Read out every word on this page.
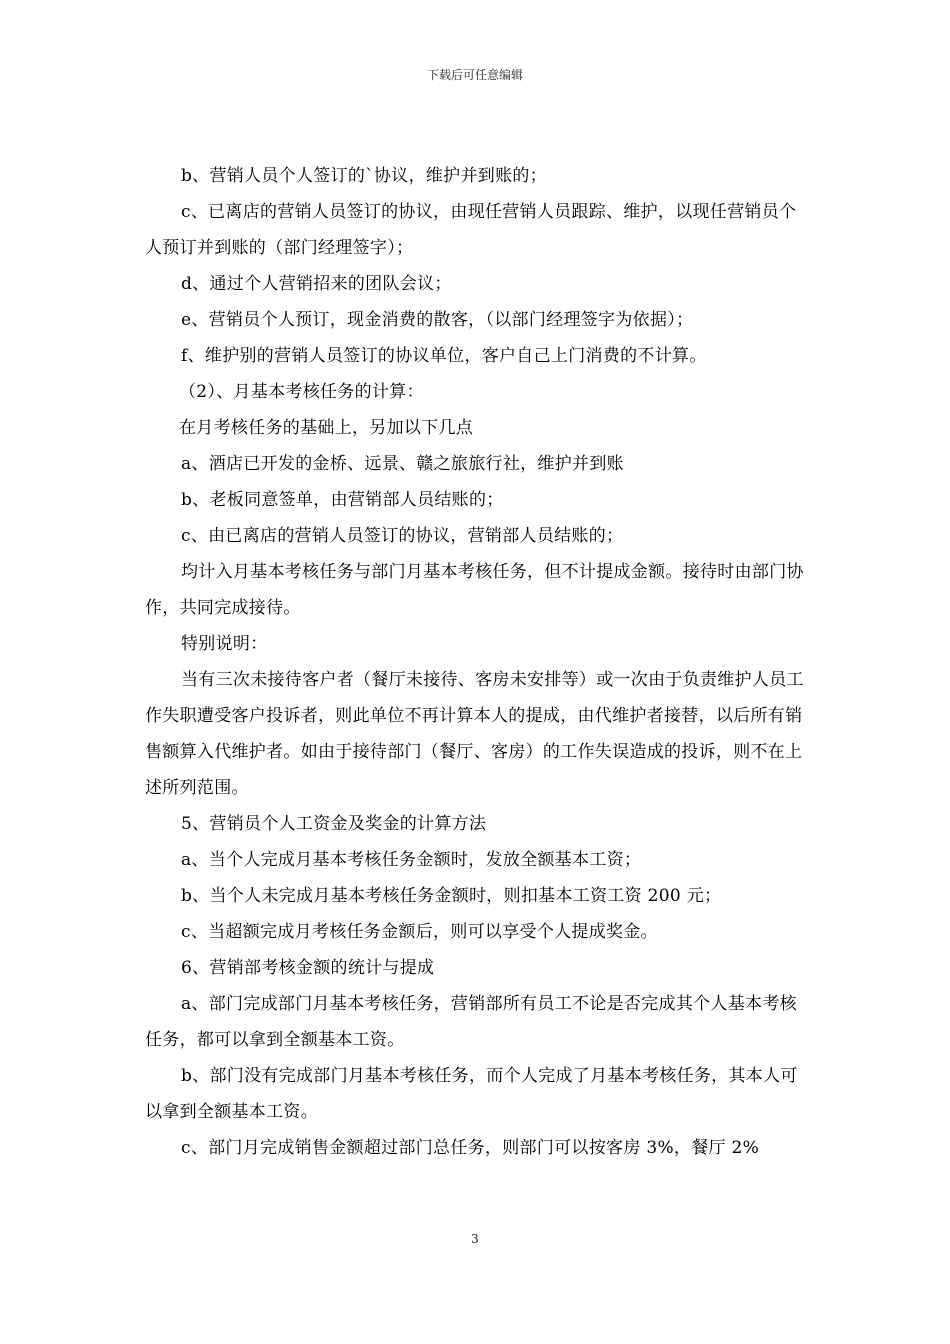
下载后可任意编辑

b、营销人员个人签订的`协议，维护并到账的；

c、已离店的营销人员签订的协议，由现任营销人员跟踪、维护，以现任营销员个人预订并到账的（部门经理签字）；

d、通过个人营销招来的团队会议；

e、营销员个人预订，现金消费的散客，（以部门经理签字为依据）；

f、维护别的营销人员签订的协议单位，客户自己上门消费的不计算。

（2）、月基本考核任务的计算：

在月考核任务的基础上，另加以下几点

a、酒店已开发的金桥、远景、赣之旅旅行社，维护并到账

b、老板同意签单，由营销部人员结账的；

c、由已离店的营销人员签订的协议，营销部人员结账的；

均计入月基本考核任务与部门月基本考核任务，但不计提成金额。接待时由部门协作，共同完成接待。

特别说明：

当有三次未接待客户者（餐厅未接待、客房未安排等）或一次由于负责维护人员工作失职遭受客户投诉者，则此单位不再计算本人的提成，由代维护者接替，以后所有销售额算入代维护者。如由于接待部门（餐厅、客房）的工作失误造成的投诉，则不在上述所列范围。

5、营销员个人工资金及奖金的计算方法

a、当个人完成月基本考核任务金额时，发放全额基本工资；

b、当个人未完成月基本考核任务金额时，则扣基本工资工资 200 元；

c、当超额完成月考核任务金额后，则可以享受个人提成奖金。

6、营销部考核金额的统计与提成

a、部门完成部门月基本考核任务，营销部所有员工不论是否完成其个人基本考核任务，都可以拿到全额基本工资。

b、部门没有完成部门月基本考核任务，而个人完成了月基本考核任务，其本人可以拿到全额基本工资。

c、部门月完成销售金额超过部门总任务，则部门可以按客房 3%，餐厅 2%

3
